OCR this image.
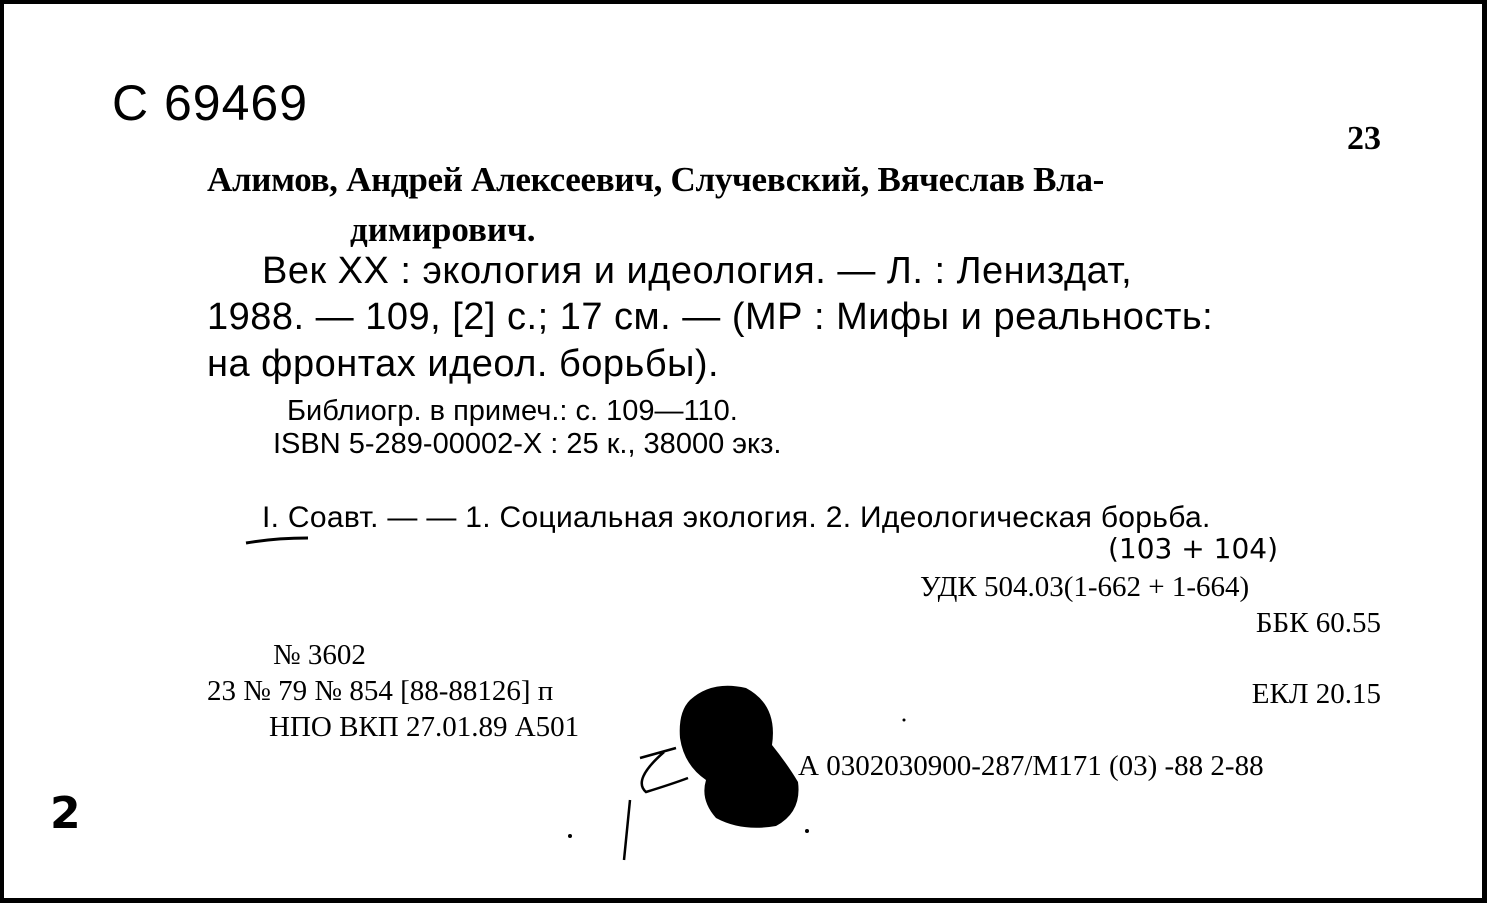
C 69469
23
Алимов, Андрей Алексеевич, Случевский, Вячеслав Вла-
димирович.
Век XX : экология и идеология. — Л. : Лениздат,
1988. — 109, [2] с.; 17 см. — (МР : Мифы и реальность:
на фронтах идеол. борьбы).
Библиогр. в примеч.: с. 109—110.
ISBN 5-289-00002-X : 25 к., 38000 экз.
I. Соавт. — — 1. Социальная экология. 2. Идеологическая борьба.
(103 + 104)
УДК 504.03(1-662 + 1-664)
ББК 60.55
№ 3602
23 № 79 № 854 [88-88126] п
НПО ВКП 27.01.89 А501
ЕКЛ 20.15
А 0302030900-287/М171 (03) -88 2-88
2
